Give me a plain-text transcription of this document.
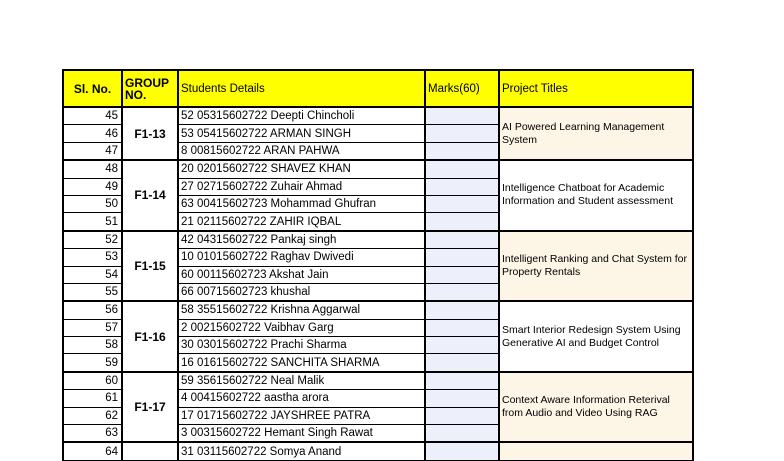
Sl. No.	GROUP NO.	Students Details	Marks(60)	Project Titles
45	F1-13	52 05315602722 Deepti Chincholi		AI Powered Learning Management System
46		53 05415602722 ARMAN SINGH		
47		8 00815602722 ARAN PAHWA		
48	F1-14	20 02015602722 SHAVEZ KHAN		Intelligence Chatboat for Academic Information and Student assessment
49		27 02715602722 Zuhair Ahmad		
50		63 00415602723 Mohammad Ghufran		
51		21 02115602722 ZAHIR IQBAL		
52	F1-15	42 04315602722 Pankaj singh		Intelligent Ranking and Chat System for Property Rentals
53		10 01015602722 Raghav Dwivedi		
54		60 00115602723 Akshat Jain		
55		66 00715602723 khushal		
56	F1-16	58 35515602722 Krishna Aggarwal		Smart Interior Redesign System Using Generative AI and Budget Control
57		2 00215602722 Vaibhav Garg		
58		30 03015602722 Prachi Sharma		
59		16 01615602722 SANCHITA SHARMA		
60	F1-17	59 35615602722 Neal Malik		Context Aware Information Reterival from Audio and Video Using RAG
61		4 00415602722 aastha arora		
62		17 01715602722 JAYSHREE PATRA		
63		3 00315602722 Hemant Singh Rawat		
64		31 03115602722 Somya Anand		
